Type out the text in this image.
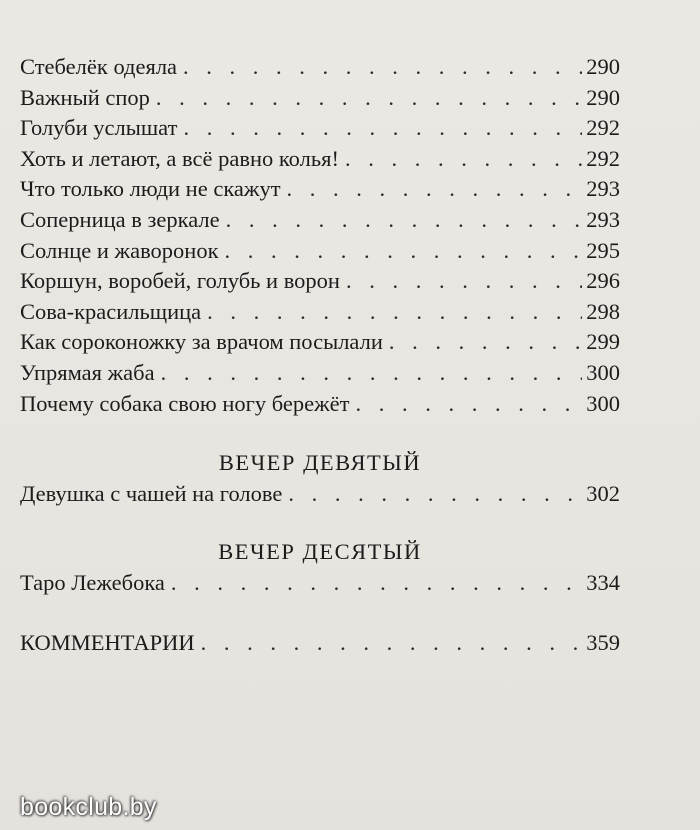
Стебелёк одеяла . . .	290
Важный спор . . .	290
Голуби услышат . . .	292
Хоть и летают, а всё равно колья! . . .	292
Что только люди не скажут . . .	293
Соперница в зеркале . . .	293
Солнце и жаворонок . . .	295
Коршун, воробей, голубь и ворон . . .	296
Сова-красильщица . . .	298
Как сороконожку за врачом посылали . . .	299
Упрямая жаба . . .	300
Почему собака свою ногу бережёт . . .	300
ВЕЧЕР ДЕВЯТЫЙ
Девушка с чашей на голове . . .	302
ВЕЧЕР ДЕСЯТЫЙ
Таро Лежебока . . .	334
КОММЕНТАРИИ . . .	359
bookclub.by
